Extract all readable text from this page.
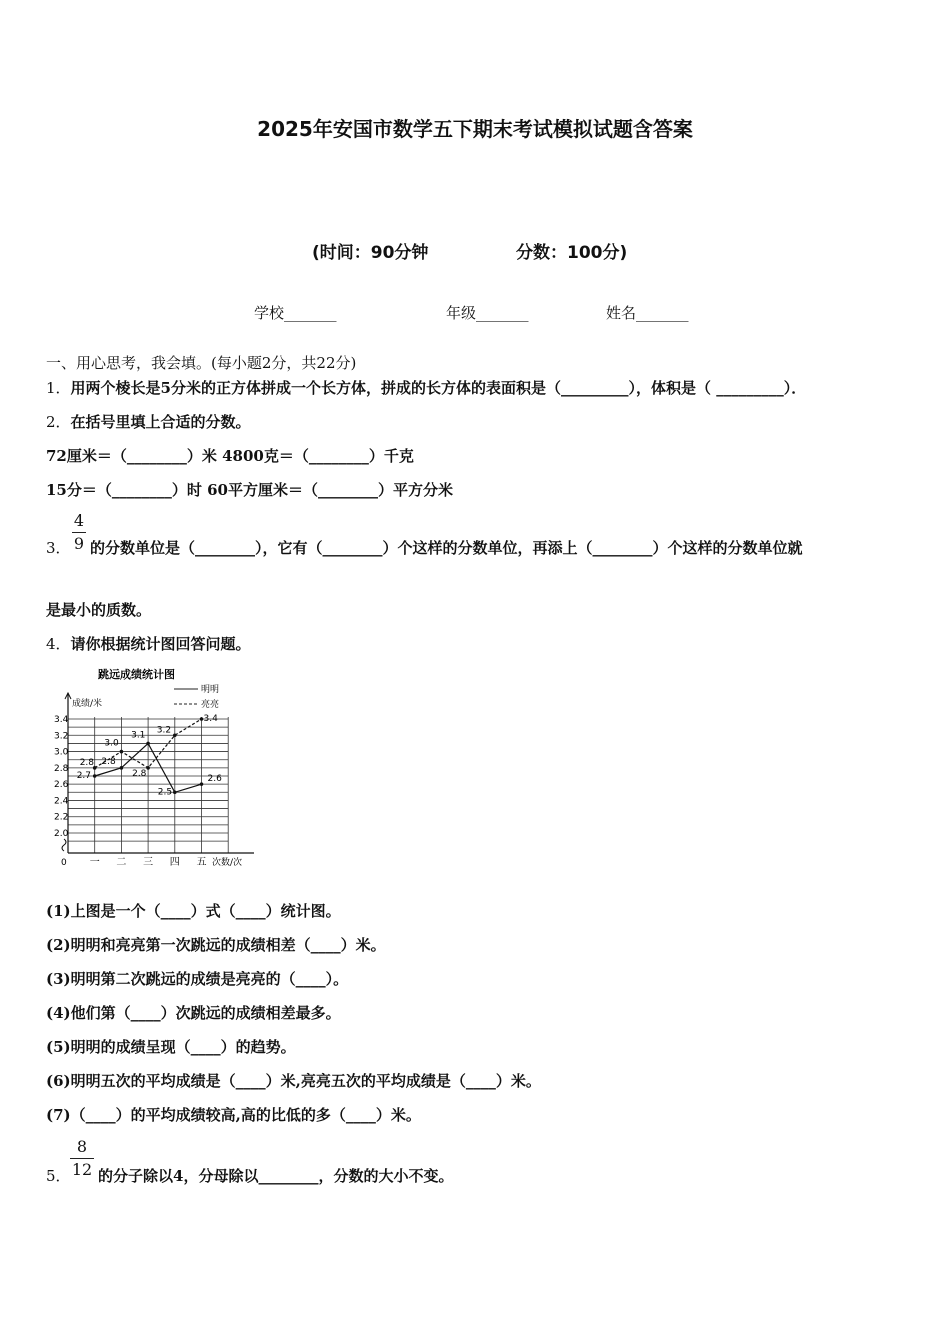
2025年安国市数学五下期末考试模拟试题含答案
(时间：90分钟	分数：100分)
学校_______	年级_______	姓名_______
一、用心思考，我会填。(每小题2分，共22分)
1．用两个棱长是5分米的正方体拼成一个长方体，拼成的长方体的表面积是（_________），体积是（ _________）．
2．在括号里填上合适的分数。
72厘米＝（________）米 4800克＝（________）千克
15分＝（________）时 60平方厘米＝（________）平方分米
3．
4
9 的分数单位是（________），它有（________）个这样的分数单位，再添上（________）个这样的分数单位就
是最小的质数。
4．请你根据统计图回答问题。
跳远成绩统计图
成绩/米
明明
亮亮
2.0
2.2
2.4
2.6
2.8
3.0
3.2
3.4
0 一 二 三 四 五 次数/次
2.7
2.8
3.1
2.5
2.6
2.8
3.0
2.8
3.2
3.4
(1)上图是一个（____）式（____）统计图。
(2)明明和亮亮第一次跳远的成绩相差（____）米。
(3)明明第二次跳远的成绩是亮亮的（____）。
(4)他们第（____）次跳远的成绩相差最多。
(5)明明的成绩呈现（____）的趋势。
(6)明明五次的平均成绩是（____）米,亮亮五次的平均成绩是（____）米。
(7)（____）的平均成绩较高,高的比低的多（____）米。
5．
8
12 的分子除以4，分母除以________，分数的大小不变。
